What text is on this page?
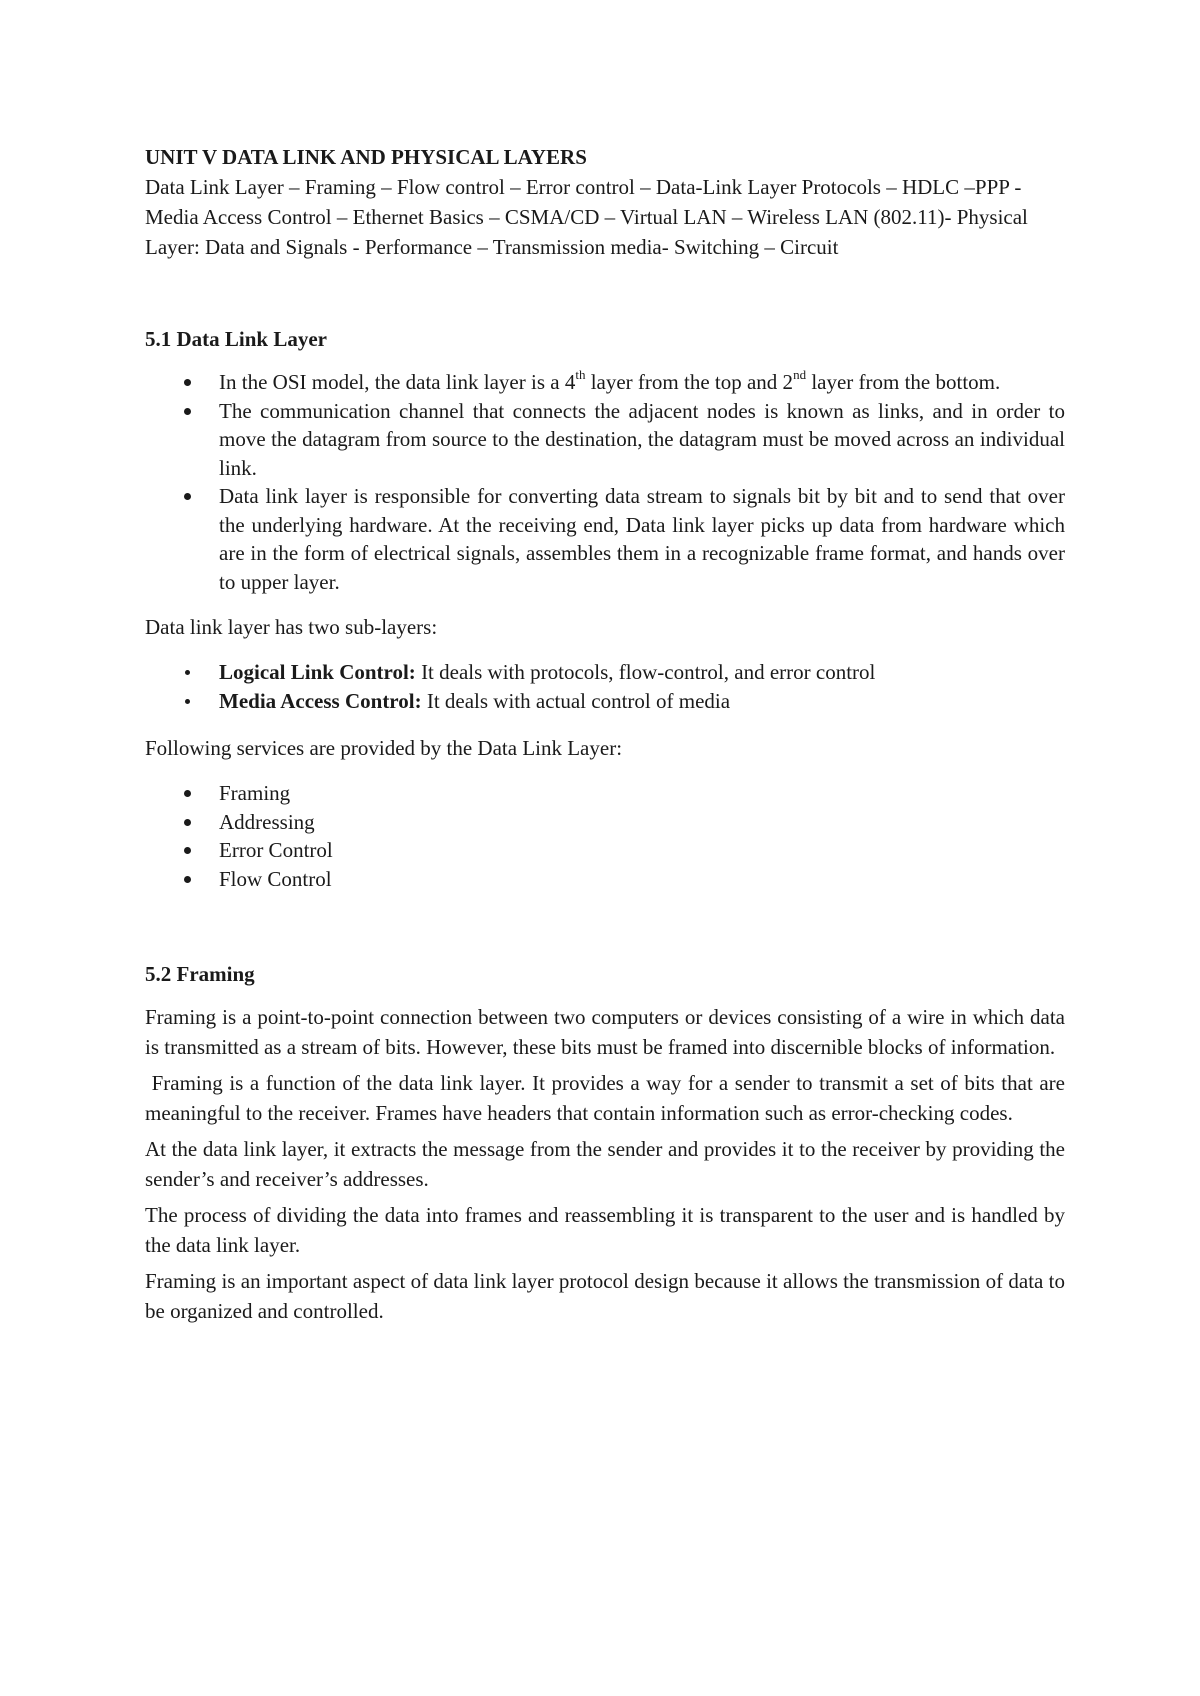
UNIT V DATA LINK AND PHYSICAL LAYERS

Data Link Layer – Framing – Flow control – Error control – Data-Link Layer Protocols – HDLC –PPP - Media Access Control – Ethernet Basics – CSMA/CD – Virtual LAN – Wireless LAN (802.11)- Physical Layer: Data and Signals - Performance – Transmission media- Switching – Circuit

5.1 Data Link Layer

In the OSI model, the data link layer is a 4th layer from the top and 2nd layer from the bottom.
The communication channel that connects the adjacent nodes is known as links, and in order to move the datagram from source to the destination, the datagram must be moved across an individual link.
Data link layer is responsible for converting data stream to signals bit by bit and to send that over the underlying hardware. At the receiving end, Data link layer picks up data from hardware which are in the form of electrical signals, assembles them in a recognizable frame format, and hands over to upper layer.

Data link layer has two sub-layers:

Logical Link Control: It deals with protocols, flow-control, and error control
Media Access Control: It deals with actual control of media

Following services are provided by the Data Link Layer:

Framing
Addressing
Error Control
Flow Control

5.2 Framing

Framing is a point-to-point connection between two computers or devices consisting of a wire in which data is transmitted as a stream of bits. However, these bits must be framed into discernible blocks of information.

Framing is a function of the data link layer. It provides a way for a sender to transmit a set of bits that are meaningful to the receiver. Frames have headers that contain information such as error-checking codes.

At the data link layer, it extracts the message from the sender and provides it to the receiver by providing the sender’s and receiver’s addresses.

The process of dividing the data into frames and reassembling it is transparent to the user and is handled by the data link layer.

Framing is an important aspect of data link layer protocol design because it allows the transmission of data to be organized and controlled.
